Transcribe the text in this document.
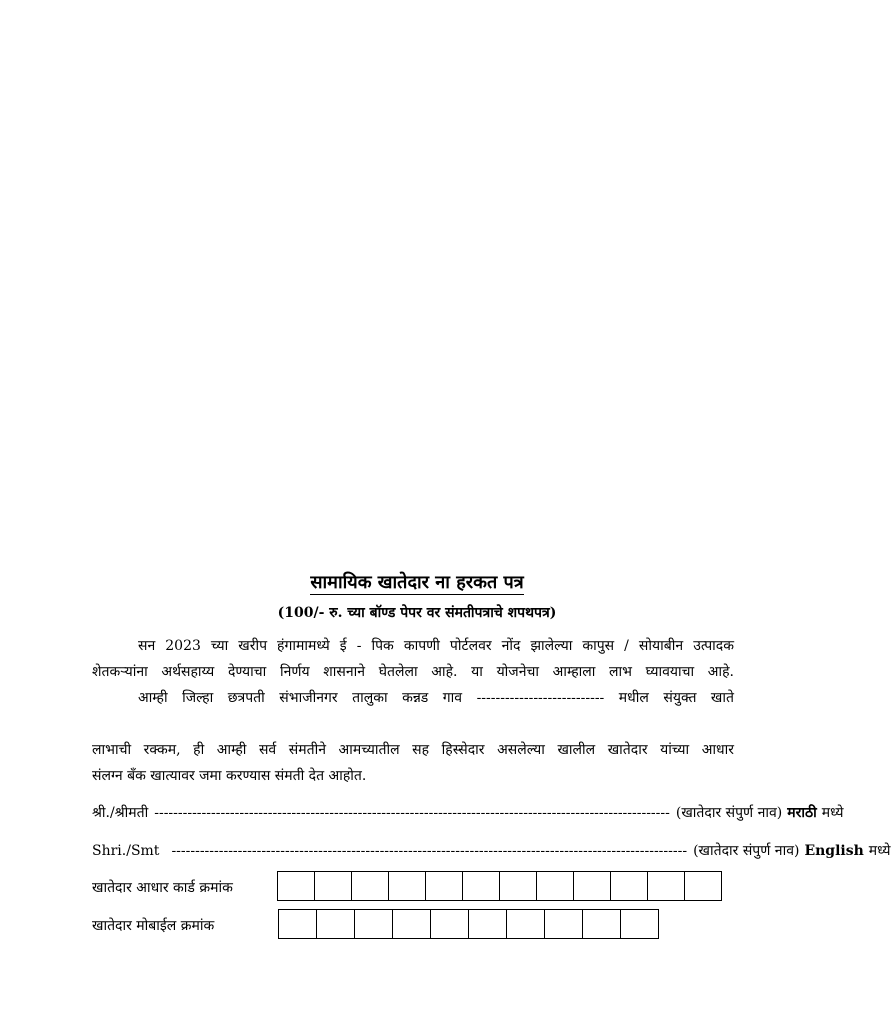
सामायिक खातेदार ना हरकत पत्र
(100/- रु. च्या बॉण्ड पेपर वर संमतीपत्राचे शपथपत्र)
सन 2023 च्या खरीप हंगामामध्ये ई - पिक कापणी पोर्टलवर नोंद झालेल्या कापुस / सोयाबीन उत्पादक
शेतकऱ्यांना अर्थसहाय्य देण्याचा निर्णय शासनाने घेतलेला आहे. या योजनेचा आम्हाला लाभ घ्यावयाचा आहे.
आम्ही जिल्हा छत्रपती संभाजीनगर तालुका कन्नड गाव --------------------------- मधील संयुक्त खाते
लाभाची रक्कम, ही आम्ही सर्व संमतीने आमच्यातील सह हिस्सेदार असलेल्या खालील खातेदार यांच्या आधार
संलग्न बँक खात्यावर जमा करण्यास संमती देत आहोत.
श्री./श्रीमती ------------------------------------------------------------------------------------------------------------- (खातेदार संपुर्ण नाव) मराठी मध्ये
Shri./Smt ------------------------------------------------------------------------------------------------------------- (खातेदार संपुर्ण नाव) English मध्ये
खातेदार आधार कार्ड क्रमांक
खातेदार मोबाईल क्रमांक
